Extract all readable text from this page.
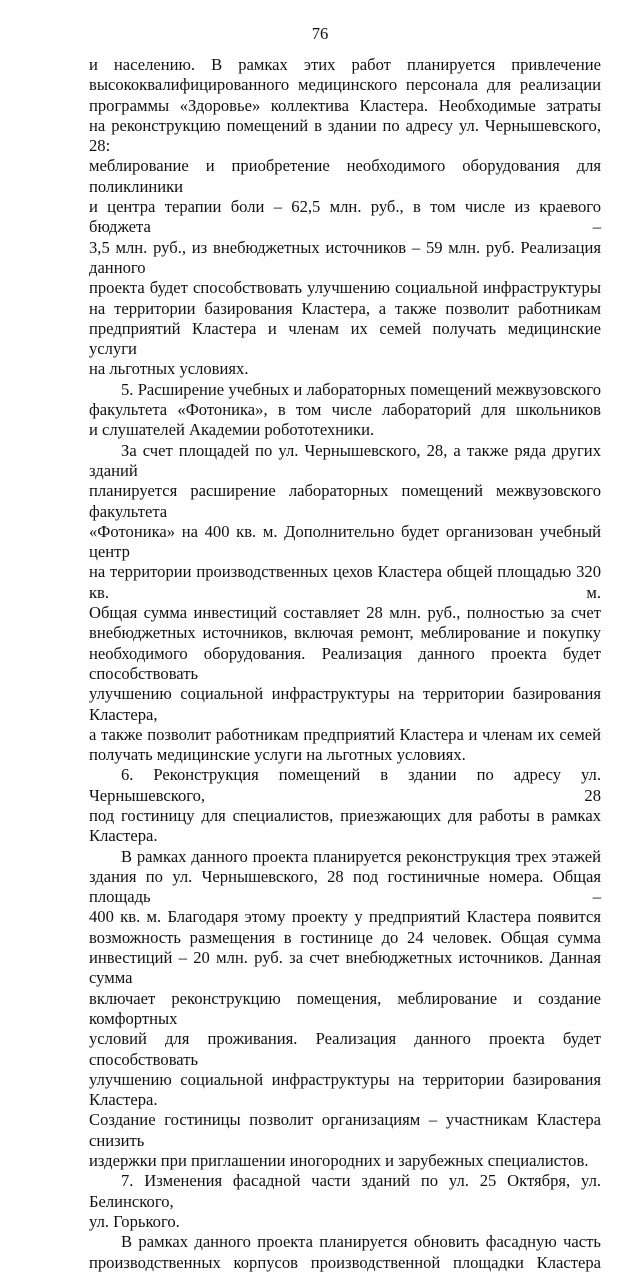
76
и населению. В рамках этих работ планируется привлечение
высококвалифицированного медицинского персонала для реализации
программы «Здоровье» коллектива Кластера. Необходимые затраты
на реконструкцию помещений в здании по адресу ул. Чернышевского, 28:
меблирование и приобретение необходимого оборудования для поликлиники
и центра терапии боли – 62,5 млн. руб., в том числе из краевого бюджета –
3,5 млн. руб., из внебюджетных источников – 59 млн. руб. Реализация данного
проекта будет способствовать улучшению социальной инфраструктуры
на территории базирования Кластера, а также позволит работникам
предприятий Кластера и членам их семей получать медицинские услуги
на льготных условиях.
5. Расширение учебных и лабораторных помещений межвузовского
факультета «Фотоника», в том числе лабораторий для школьников
и слушателей Академии робототехники.
За счет площадей по ул. Чернышевского, 28, а также ряда других зданий
планируется расширение лабораторных помещений межвузовского факультета
«Фотоника» на 400 кв. м. Дополнительно будет организован учебный центр
на территории производственных цехов Кластера общей площадью 320 кв. м.
Общая сумма инвестиций составляет 28 млн. руб., полностью за счет
внебюджетных источников, включая ремонт, меблирование и покупку
необходимого оборудования. Реализация данного проекта будет способствовать
улучшению социальной инфраструктуры на территории базирования Кластера,
а также позволит работникам предприятий Кластера и членам их семей
получать медицинские услуги на льготных условиях.
6. Реконструкция помещений в здании по адресу ул. Чернышевского, 28
под гостиницу для специалистов, приезжающих для работы в рамках Кластера.
В рамках данного проекта планируется реконструкция трех этажей
здания по ул. Чернышевского, 28 под гостиничные номера. Общая площадь –
400 кв. м. Благодаря этому проекту у предприятий Кластера появится
возможность размещения в гостинице до 24 человек. Общая сумма
инвестиций – 20 млн. руб. за счет внебюджетных источников. Данная сумма
включает реконструкцию помещения, меблирование и создание комфортных
условий для проживания. Реализация данного проекта будет способствовать
улучшению социальной инфраструктуры на территории базирования Кластера.
Создание гостиницы позволит организациям – участникам Кластера снизить
издержки при приглашении иногородних и зарубежных специалистов.
7. Изменения фасадной части зданий по ул. 25 Октября, ул. Белинского,
ул. Горького.
В рамках данного проекта планируется обновить фасадную часть
производственных корпусов производственной площадки Кластера
